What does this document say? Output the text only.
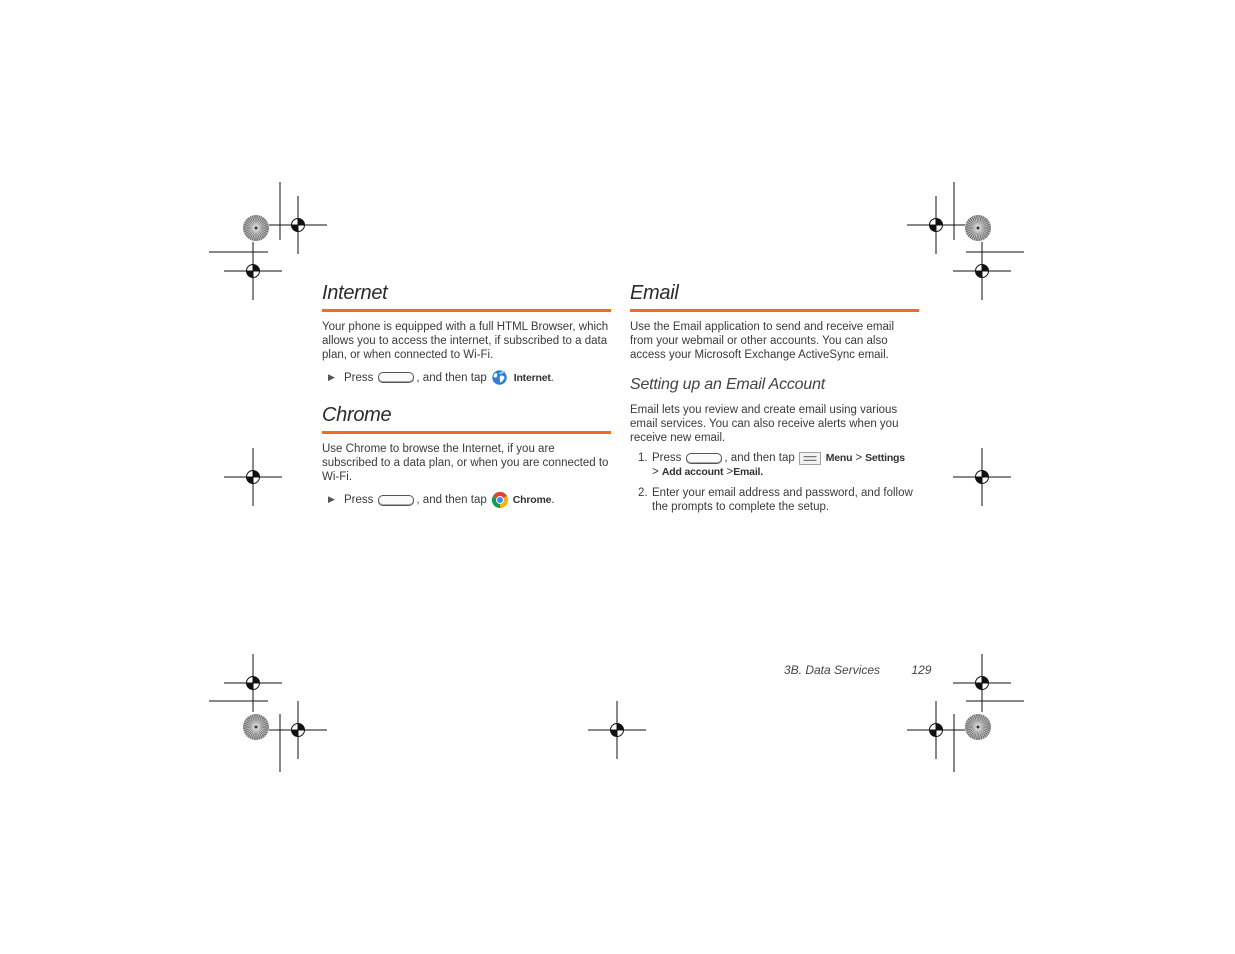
Internet

Your phone is equipped with a full HTML Browser, which allows you to access the internet, if subscribed to a data plan, or when connected to Wi-Fi.

▶ Press	, and then tap	Internet .
Chrome

Use Chrome to browse the Internet, if you are subscribed to a data plan, or when you are connected to Wi-Fi.

▶ Press	, and then tap Chrome .
Email

Use the Email application to send and receive email from your webmail or other accounts. You can also access your Microsoft Exchange ActiveSync email.

Setting up an Email Account

Email lets you review and create email using various email services. You can also receive alerts when you receive new email.

1. Press	, and then tap	Menu > Settings
> Add account >Email.
2. Enter your email address and password, and follow the prompts to complete the setup.
3B. Data Services	129
